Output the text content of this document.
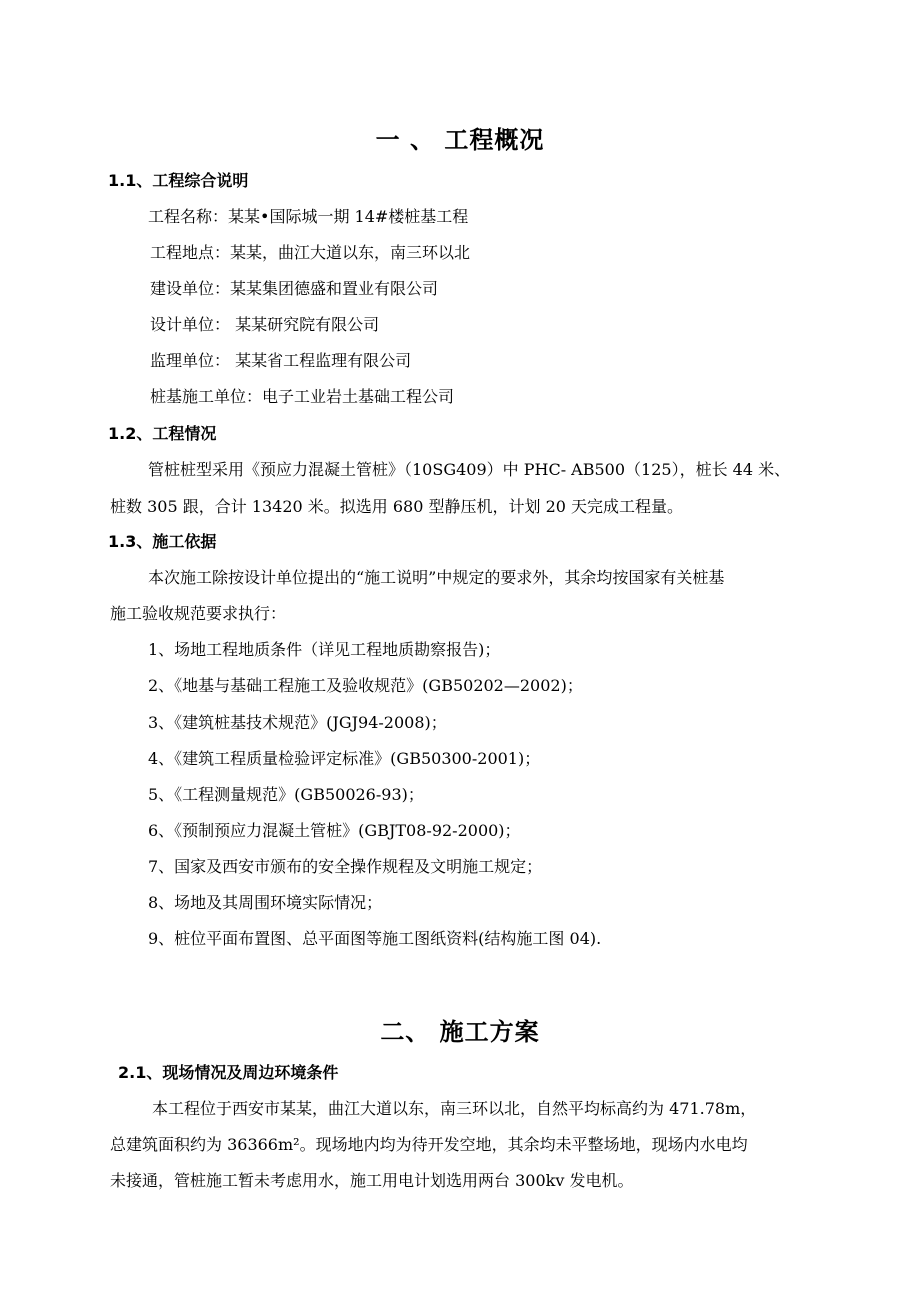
一 、 工程概况
1.1、工程综合说明

工程名称：某某•国际城一期 14#楼桩基工程

工程地点：某某，曲江大道以东，南三环以北

建设单位：某某集团德盛和置业有限公司

设计单位： 某某研究院有限公司

监理单位： 某某省工程监理有限公司

桩基施工单位：电子工业岩土基础工程公司

1.2、工程情况

管桩桩型采用《预应力混凝土管桩》（10SG409）中 PHC- AB500（125），桩长 44 米、

桩数 305 跟，合计 13420 米。拟选用 680 型静压机，计划 20 天完成工程量。

1.3、施工依据

本次施工除按设计单位提出的“施工说明”中规定的要求外，其余均按国家有关桩基

施工验收规范要求执行：

1、场地工程地质条件（详见工程地质勘察报告)；

2、《地基与基础工程施工及验收规范》(GB50202—2002)；

3、《建筑桩基技术规范》(JGJ94-2008)；

4、《建筑工程质量检验评定标准》(GB50300-2001)；

5、《工程测量规范》(GB50026-93)；

6、《预制预应力混凝土管桩》(GBJT08-92-2000)；

7、国家及西安市颁布的安全操作规程及文明施工规定；

8、场地及其周围环境实际情况；

9、桩位平面布置图、总平面图等施工图纸资料(结构施工图 04).

二、 施工方案
2.1、现场情况及周边环境条件

本工程位于西安市某某，曲江大道以东，南三环以北，自然平均标高约为 471.78m，

总建筑面积约为 36366m²。现场地内均为待开发空地，其余均未平整场地，现场内水电均

未接通，管桩施工暂未考虑用水，施工用电计划选用两台 300kv 发电机。
